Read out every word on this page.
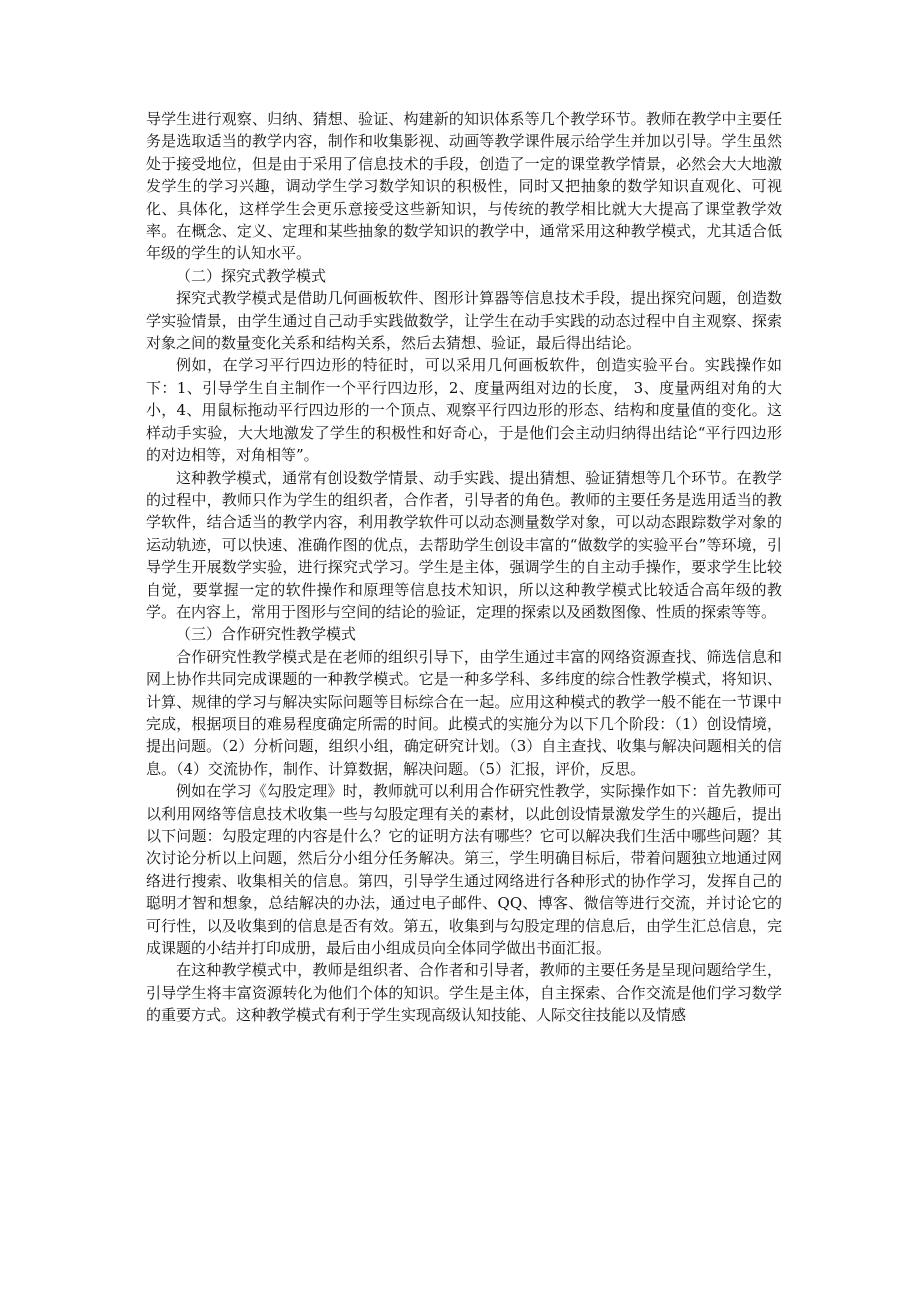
导学生进行观察、归纳、猜想、验证、构建新的知识体系等几个教学环节。教师在教学中主要任务是选取适当的教学内容，制作和收集影视、动画等教学课件展示给学生并加以引导。学生虽然处于接受地位，但是由于采用了信息技术的手段，创造了一定的课堂教学情景，必然会大大地激发学生的学习兴趣，调动学生学习数学知识的积极性，同时又把抽象的数学知识直观化、可视化、具体化，这样学生会更乐意接受这些新知识，与传统的教学相比就大大提高了课堂教学效率。在概念、定义、定理和某些抽象的数学知识的教学中，通常采用这种教学模式，尤其适合低年级的学生的认知水平。

（二）探究式教学模式

探究式教学模式是借助几何画板软件、图形计算器等信息技术手段，提出探究问题，创造数学实验情景，由学生通过自己动手实践做数学，让学生在动手实践的动态过程中自主观察、探索对象之间的数量变化关系和结构关系，然后去猜想、验证，最后得出结论。

例如，在学习平行四边形的特征时，可以采用几何画板软件，创造实验平台。实践操作如下：1、引导学生自主制作一个平行四边形，2、度量两组对边的长度， 3、度量两组对角的大小，4、用鼠标拖动平行四边形的一个顶点、观察平行四边形的形态、结构和度量值的变化。这样动手实验，大大地激发了学生的积极性和好奇心，于是他们会主动归纳得出结论“平行四边形的对边相等，对角相等”。

这种教学模式，通常有创设数学情景、动手实践、提出猜想、验证猜想等几个环节。在教学的过程中，教师只作为学生的组织者，合作者，引导者的角色。教师的主要任务是选用适当的教学软件，结合适当的教学内容，利用教学软件可以动态测量数学对象，可以动态跟踪数学对象的运动轨迹，可以快速、准确作图的优点，去帮助学生创设丰富的“做数学的实验平台”等环境，引导学生开展数学实验，进行探究式学习。学生是主体，强调学生的自主动手操作，要求学生比较自觉，要掌握一定的软件操作和原理等信息技术知识，所以这种教学模式比较适合高年级的教学。在内容上，常用于图形与空间的结论的验证，定理的探索以及函数图像、性质的探索等等。

（三）合作研究性教学模式

合作研究性教学模式是在老师的组织引导下，由学生通过丰富的网络资源查找、筛选信息和网上协作共同完成课题的一种教学模式。它是一种多学科、多纬度的综合性教学模式，将知识、计算、规律的学习与解决实际问题等目标综合在一起。应用这种模式的教学一般不能在一节课中完成，根据项目的难易程度确定所需的时间。此模式的实施分为以下几个阶段：（1）创设情境，提出问题。（2）分析问题，组织小组，确定研究计划。（3）自主查找、收集与解决问题相关的信息。（4）交流协作，制作、计算数据，解决问题。（5）汇报，评价，反思。

例如在学习《勾股定理》时，教师就可以利用合作研究性教学，实际操作如下：首先教师可以利用网络等信息技术收集一些与勾股定理有关的素材，以此创设情景激发学生的兴趣后，提出以下问题：勾股定理的内容是什么？它的证明方法有哪些？它可以解决我们生活中哪些问题？其次讨论分析以上问题，然后分小组分任务解决。第三，学生明确目标后，带着问题独立地通过网络进行搜索、收集相关的信息。第四，引导学生通过网络进行各种形式的协作学习，发挥自己的聪明才智和想象，总结解决的办法，通过电子邮件、QQ、博客、微信等进行交流，并讨论它的可行性，以及收集到的信息是否有效。第五，收集到与勾股定理的信息后，由学生汇总信息，完成课题的小结并打印成册，最后由小组成员向全体同学做出书面汇报。

在这种教学模式中，教师是组织者、合作者和引导者，教师的主要任务是呈现问题给学生，引导学生将丰富资源转化为他们个体的知识。学生是主体，自主探索、合作交流是他们学习数学的重要方式。这种教学模式有利于学生实现高级认知技能、人际交往技能以及情感
